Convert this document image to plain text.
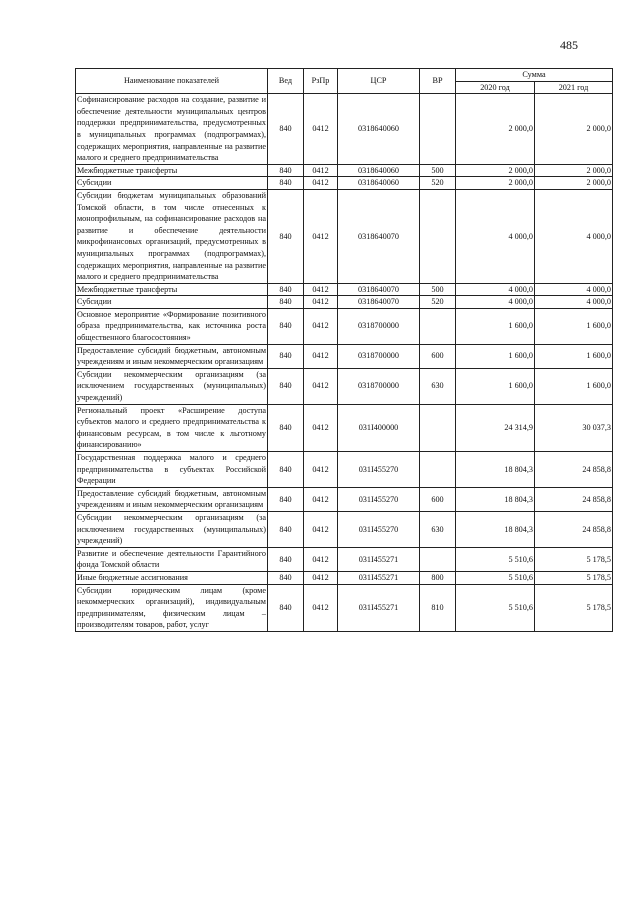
485
Наименование показателей	Вед	РзПр	ЦСР	ВР	Сумма	
					2020 год	2021 год
Софинансирование расходов на создание, развитие и обеспечение деятельности муниципальных центров поддержки предпринимательства, предусмотренных в муниципальных программах (подпрограммах), содержащих мероприятия, направленные на развитие малого и среднего предпринимательства	840	0412	0318640060		2 000,0	2 000,0
Межбюджетные трансферты	840	0412	0318640060	500	2 000,0	2 000,0
Субсидии	840	0412	0318640060	520	2 000,0	2 000,0
Субсидии бюджетам муниципальных образований Томской области, в том числе отнесенных к монопрофильным, на софинансирование расходов на развитие и обеспечение деятельности микрофинансовых организаций, предусмотренных в муниципальных программах (подпрограммах), содержащих мероприятия, направленные на развитие малого и среднего предпринимательства	840	0412	0318640070		4 000,0	4 000,0
Межбюджетные трансферты	840	0412	0318640070	500	4 000,0	4 000,0
Субсидии	840	0412	0318640070	520	4 000,0	4 000,0
Основное мероприятие «Формирование позитивного образа предпринимательства, как источника роста общественного благосостояния»	840	0412	0318700000		1 600,0	1 600,0
Предоставление субсидий бюджетным, автономным учреждениям и иным некоммерческим организациям	840	0412	0318700000	600	1 600,0	1 600,0
Субсидии некоммерческим организациям (за исключением государственных (муниципальных) учреждений)	840	0412	0318700000	630	1 600,0	1 600,0
Региональный проект «Расширение доступа субъектов малого и среднего предпринимательства к финансовым ресурсам, в том числе к льготному финансированию»	840	0412	031I400000		24 314,9	30 037,3
Государственная поддержка малого и среднего предпринимательства в субъектах Российской Федерации	840	0412	031I455270		18 804,3	24 858,8
Предоставление субсидий бюджетным, автономным учреждениям и иным некоммерческим организациям	840	0412	031I455270	600	18 804,3	24 858,8
Субсидии некоммерческим организациям (за исключением государственных (муниципальных) учреждений)	840	0412	031I455270	630	18 804,3	24 858,8
Развитие и обеспечение деятельности Гарантийного фонда Томской области	840	0412	031I455271		5 510,6	5 178,5
Иные бюджетные ассигнования	840	0412	031I455271	800	5 510,6	5 178,5
Субсидии юридическим лицам (кроме некоммерческих организаций), индивидуальным предпринимателям, физическим лицам – производителям товаров, работ, услуг	840	0412	031I455271	810	5 510,6	5 178,5
